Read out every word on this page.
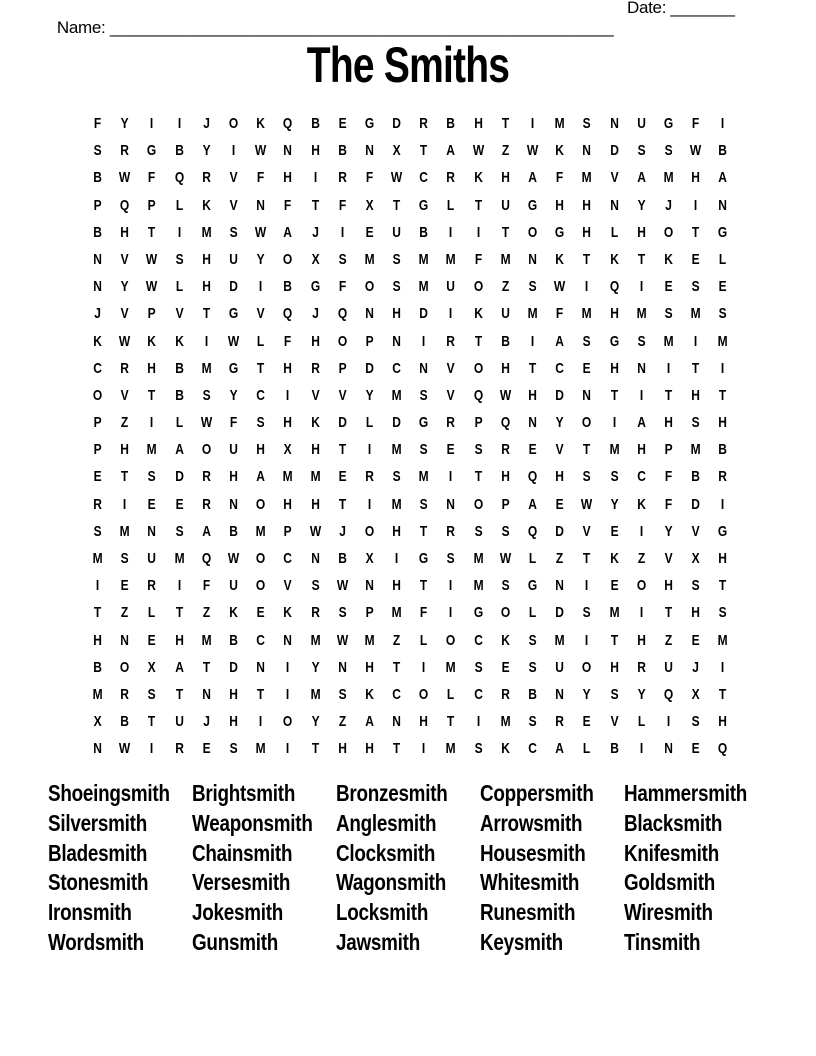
Name: _______________________________________________________

Date: _______

The Smiths
F	Y	I	I	J	O	K	Q	B	E	G	D	R	B	H	T	I	M	S	N	U	G	F	I
S	R	G	B	Y	I	W	N	H	B	N	X	T	A	W	Z	W	K	N	D	S	S	W	B
B	W	F	Q	R	V	F	H	I	R	F	W	C	R	K	H	A	F	M	V	A	M	H	A
P	Q	P	L	K	V	N	F	T	F	X	T	G	L	T	U	G	H	H	N	Y	J	I	N
B	H	T	I	M	S	W	A	J	I	E	U	B	I	I	T	O	G	H	L	H	O	T	G
N	V	W	S	H	U	Y	O	X	S	M	S	M	M	F	M	N	K	T	K	T	K	E	L
N	Y	W	L	H	D	I	B	G	F	O	S	M	U	O	Z	S	W	I	Q	I	E	S	E
J	V	P	V	T	G	V	Q	J	Q	N	H	D	I	K	U	M	F	M	H	M	S	M	S
K	W	K	K	I	W	L	F	H	O	P	N	I	R	T	B	I	A	S	G	S	M	I	M
C	R	H	B	M	G	T	H	R	P	D	C	N	V	O	H	T	C	E	H	N	I	T	I
O	V	T	B	S	Y	C	I	V	V	Y	M	S	V	Q	W	H	D	N	T	I	T	H	T
P	Z	I	L	W	F	S	H	K	D	L	D	G	R	P	Q	N	Y	O	I	A	H	S	H
P	H	M	A	O	U	H	X	H	T	I	M	S	E	S	R	E	V	T	M	H	P	M	B
E	T	S	D	R	H	A	M	M	E	R	S	M	I	T	H	Q	H	S	S	C	F	B	R
R	I	E	E	R	N	O	H	H	T	I	M	S	N	O	P	A	E	W	Y	K	F	D	I
S	M	N	S	A	B	M	P	W	J	O	H	T	R	S	S	Q	D	V	E	I	Y	V	G
M	S	U	M	Q	W	O	C	N	B	X	I	G	S	M	W	L	Z	T	K	Z	V	X	H
I	E	R	I	F	U	O	V	S	W	N	H	T	I	M	S	G	N	I	E	O	H	S	T
T	Z	L	T	Z	K	E	K	R	S	P	M	F	I	G	O	L	D	S	M	I	T	H	S
H	N	E	H	M	B	C	N	M	W	M	Z	L	O	C	K	S	M	I	T	H	Z	E	M
B	O	X	A	T	D	N	I	Y	N	H	T	I	M	S	E	S	U	O	H	R	U	J	I
M	R	S	T	N	H	T	I	M	S	K	C	O	L	C	R	B	N	Y	S	Y	Q	X	T
X	B	T	U	J	H	I	O	Y	Z	A	N	H	T	I	M	S	R	E	V	L	I	S	H
N	W	I	R	E	S	M	I	T	H	H	T	I	M	S	K	C	A	L	B	I	N	E	Q
Shoeingsmith Brightsmith	Bronzesmith Coppersmith Hammersmith
Silversmith	Weaponsmith Anglesmith	Arrowsmith	Blacksmith
Bladesmith	Chainsmith	Clocksmith	Housesmith	Knifesmith
Stonesmith	Versesmith	Wagonsmith	Whitesmith	Goldsmith
Ironsmith	Jokesmith	Locksmith	Runesmith	Wiresmith
Wordsmith	Gunsmith	Jawsmith	Keysmith	Tinsmith
